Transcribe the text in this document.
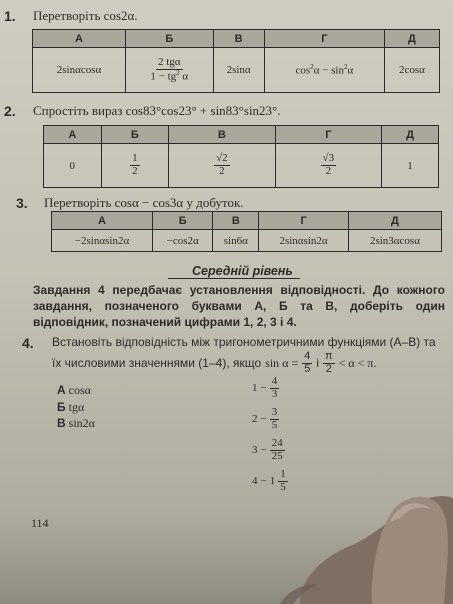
1. Перетворіть cos2α.
А	Б	В	Г	Д
2sinαcosα	$\frac{\text{2 tgα}}{1 - tg^2 \alpha}$	2sinα	$\cos^2\alpha - \sin^2\alpha$	2cosα
2. Спростіть вираз cos83°cos23° + sin83°sin23°.
А	Б	В	Г	Д
0	$\frac{1}{2}$	$\frac{√2}{2}$	$\frac{√3}{2}$	1
3. Перетворіть cosα − cos3α у добуток.
А	Б	В	Г	Д
−2sinαsin2α	−cos2α	sin6α	2sinαsin2α	2sin3αcosα
Середній рівень
Завдання 4 передбачає установлення відповідності. До кожного завдання, позначеного буквами А, Б та В, доберіть один відповідник, позначений цифрами 1, 2, 3 і 4.
4. Встановіть відповідність між тригонометричними функціями (А–В) та
їх числовими значеннями (1–4), якщо $\sin \alpha = \frac{4}{5}$ і $\frac{\pi}{2} < \alpha < \pi$.
А cosα
Б tgα
В sin2α
$1 - \frac{4}{3}$
$2 - \frac{3}{5}$
$3 - \frac{24}{25}$
$4 - 1 \frac{1}{5}$
114
